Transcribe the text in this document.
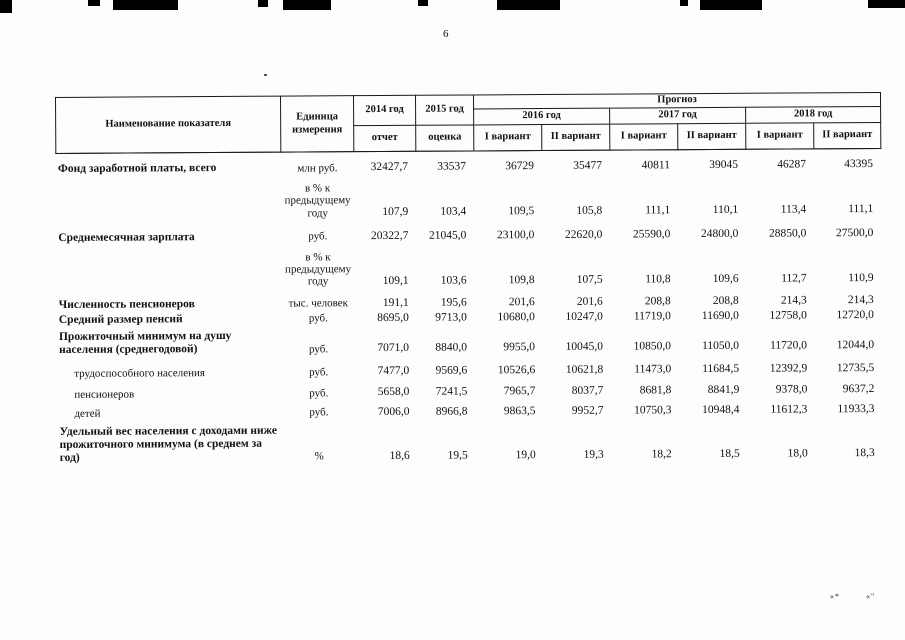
«*	«"
6
Наименование показателя	Единица измерения	2014 год	2015 год	Прогноз					
				2016 год		2017 год		2018 год	
		отчет	оценка	I вариант	II вариант	I вариант	II вариант	I вариант	II вариант
Фонд заработной платы, всего	млн руб.	32427,7	33537	36729	35477	40811	39045	46287	43395
	в % к предыдущему году	107,9	103,4	109,5	105,8	111,1	110,1	113,4	111,1
Среднемесячная зарплата	руб.	20322,7	21045,0	23100,0	22620,0	25590,0	24800,0	28850,0	27500,0
	в % к предыдущему году	109,1	103,6	109,8	107,5	110,8	109,6	112,7	110,9
Численность пенсионеров	тыс. человек	191,1	195,6	201,6	201,6	208,8	208,8	214,3	214,3
Средний размер пенсий	руб.	8695,0	9713,0	10680,0	10247,0	11719,0	11690,0	12758,0	12720,0
Прожиточный минимум на душу населения (среднегодовой)	руб.	7071,0	8840,0	9955,0	10045,0	10850,0	11050,0	11720,0	12044,0
трудоспособного населения	руб.	7477,0	9569,6	10526,6	10621,8	11473,0	11684,5	12392,9	12735,5
пенсионеров	руб.	5658,0	7241,5	7965,7	8037,7	8681,8	8841,9	9378,0	9637,2
детей	руб.	7006,0	8966,8	9863,5	9952,7	10750,3	10948,4	11612,3	11933,3
Удельный вес населения с доходами ниже прожиточного минимума (в среднем за год)	%	18,6	19,5	19,0	19,3	18,2	18,5	18,0	18,3
